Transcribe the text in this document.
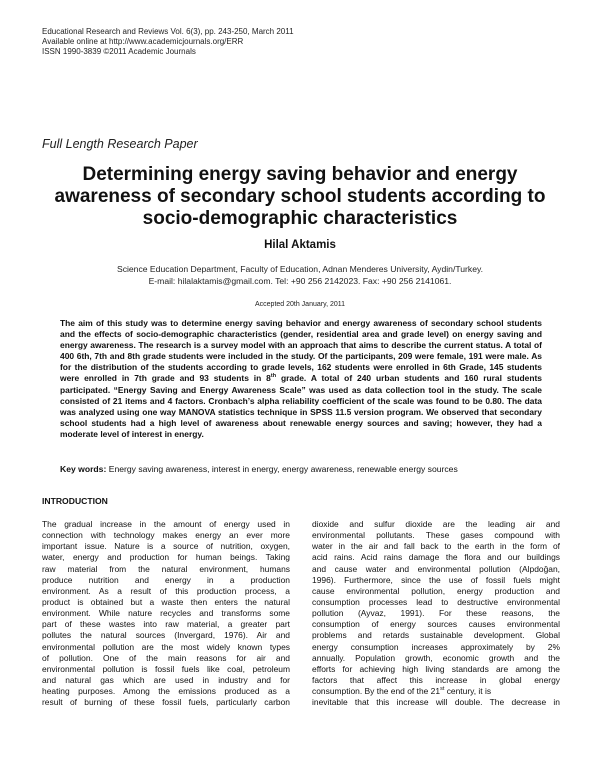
Educational Research and Reviews Vol. 6(3), pp. 243-250, March 2011
Available online at http://www.academicjournals.org/ERR
ISSN 1990-3839 ©2011 Academic Journals
Full Length Research Paper
Determining energy saving behavior and energy
awareness of secondary school students according to
socio-demographic characteristics
Hilal Aktamis
Science Education Department, Faculty of Education, Adnan Menderes University, Aydin/Turkey.
E-mail: hilalaktamis@gmail.com. Tel: +90 256 2142023. Fax: +90 256 2141061.
Accepted 20th January, 2011
The aim of this study was to determine energy saving behavior and energy awareness of secondary school students and the effects of socio-demographic characteristics (gender, residential area and grade level) on energy saving and energy awareness. The research is a survey model with an approach that aims to describe the current status. A total of 400 6th, 7th and 8th grade students were included in the study. Of the participants, 209 were female, 191 were male. As for the distribution of the students according to grade levels, 162 students were enrolled in 6th Grade, 145 students were enrolled in 7th grade and 93 students in 8th grade. A total of 240 urban students and 160 rural students participated. “Energy Saving and Energy Awareness Scale” was used as data collection tool in the study. The scale consisted of 21 items and 4 factors. Cronbach’s alpha reliability coefficient of the scale was found to be 0.80. The data was analyzed using one way MANOVA statistics technique in SPSS 11.5 version program. We observed that secondary school students had a high level of awareness about renewable energy sources and saving; however, they had a moderate level of interest in energy.
Key words: Energy saving awareness, interest in energy, energy awareness, renewable energy sources
INTRODUCTION
The gradual increase in the amount of energy used in
connection with technology makes energy an ever more
important issue. Nature is a source of nutrition, oxygen,
water, energy and production for human beings. Taking
raw material from the natural environment, humans
produce nutrition and energy in a production
environment. As a result of this production process, a
product is obtained but a waste then enters the natural
environment. While nature recycles and transforms some
part of these wastes into raw material, a greater part
pollutes the natural sources (Invergard, 1976). Air and
environmental pollution are the most widely known types
of pollution. One of the main reasons for air and
environmental pollution is fossil fuels like coal, petroleum
and natural gas which are used in industry and for
heating purposes. Among the emissions produced as a
result of burning of these fossil fuels, particularly carbon
dioxide and sulfur dioxide are the leading air and
environmental pollutants. These gases compound with
water in the air and fall back to the earth in the form of
acid rains. Acid rains damage the flora and our buildings
and cause water and environmental pollution (Alpdoğan,
1996). Furthermore, since the use of fossil fuels might
cause environmental pollution, energy production and
consumption processes lead to destructive environmental
pollution (Ayvaz, 1991). For these reasons, the
consumption of energy sources causes environmental
problems and retards sustainable development. Global
energy consumption increases approximately by 2%
annually. Population growth, economic growth and the
efforts for achieving high living standards are among the
factors that affect this increase in global energy
consumption. By the end of the 21st century, it is
inevitable that this increase will double. The decrease in
